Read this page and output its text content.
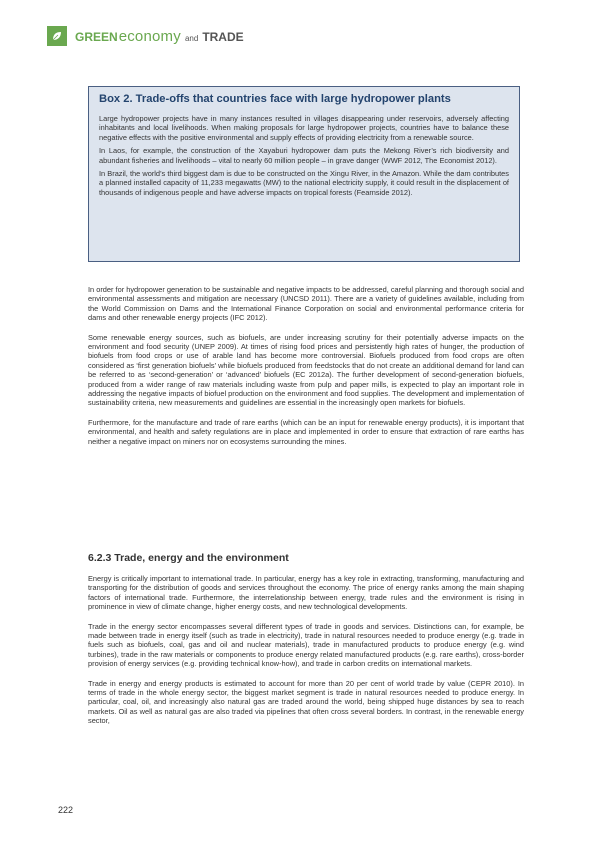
GREEN economy and TRADE
Box 2. Trade-offs that countries face with large hydropower plants

Large hydropower projects have in many instances resulted in villages disappearing under reservoirs, adversely affecting inhabitants and local livelihoods. When making proposals for large hydropower projects, countries have to balance these negative effects with the positive environmental and supply effects of providing electricity from a renewable source.

In Laos, for example, the construction of the Xayaburi hydropower dam puts the Mekong River’s rich biodiversity and abundant fisheries and livelihoods – vital to nearly 60 million people – in grave danger (WWF 2012, The Economist 2012).

In Brazil, the world’s third biggest dam is due to be constructed on the Xingu River, in the Amazon. While the dam contributes a planned installed capacity of 11,233 megawatts (MW) to the national electricity supply, it could result in the displacement of thousands of indigenous people and have adverse impacts on tropical forests (Fearnside 2012).

In order for hydropower generation to be sustainable and negative impacts to be addressed, careful planning and thorough social and environmental assessments and mitigation are necessary (UNCSD 2011). There are a variety of guidelines available, including from the World Commission on Dams and the International Finance Corporation on social and environmental performance criteria for dams and other renewable energy projects (IFC 2012).

Some renewable energy sources, such as biofuels, are under increasing scrutiny for their potentially adverse impacts on the environment and food security (UNEP 2009). At times of rising food prices and persistently high rates of hunger, the production of biofuels from food crops or use of arable land has become more controversial. Biofuels produced from food crops are often considered as ‘first generation biofuels’ while biofuels produced from feedstocks that do not create an additional demand for land can be referred to as ‘second-generation’ or ‘advanced’ biofuels (EC 2012a). The further development of second-generation biofuels, produced from a wider range of raw materials including waste from pulp and paper mills, is expected to play an important role in addressing the negative impacts of biofuel production on the environment and food supplies. The development and implementation of sustainability criteria, new measurements and guidelines are essential in the increasingly open markets for biofuels.

Furthermore, for the manufacture and trade of rare earths (which can be an input for renewable energy products), it is important that environmental, and health and safety regulations are in place and implemented in order to ensure that extraction of rare earths has neither a negative impact on miners nor on ecosystems surrounding the mines.

6.2.3 Trade, energy and the environment

Energy is critically important to international trade. In particular, energy has a key role in extracting, transforming, manufacturing and transporting for the distribution of goods and services throughout the economy. The price of energy ranks among the main shaping factors of international trade. Furthermore, the interrelationship between energy, trade rules and the environment is rising in prominence in view of climate change, higher energy costs, and new technological developments.

Trade in the energy sector encompasses several different types of trade in goods and services. Distinctions can, for example, be made between trade in energy itself (such as trade in electricity), trade in natural resources needed to produce energy (e.g. trade in fuels such as biofuels, coal, gas and oil and nuclear materials), trade in manufactured products to produce energy (e.g. wind turbines), trade in the raw materials or components to produce energy related manufactured products (e.g. rare earths), cross-border provision of energy services (e.g. providing technical know-how), and trade in carbon credits on international markets.

Trade in energy and energy products is estimated to account for more than 20 per cent of world trade by value (CEPR 2010). In terms of trade in the whole energy sector, the biggest market segment is trade in natural resources needed to produce energy. In particular, coal, oil, and increasingly also natural gas are traded around the world, being shipped huge distances by sea to reach markets. Oil as well as natural gas are also traded via pipelines that often cross several borders. In contrast, in the renewable energy sector,

222
